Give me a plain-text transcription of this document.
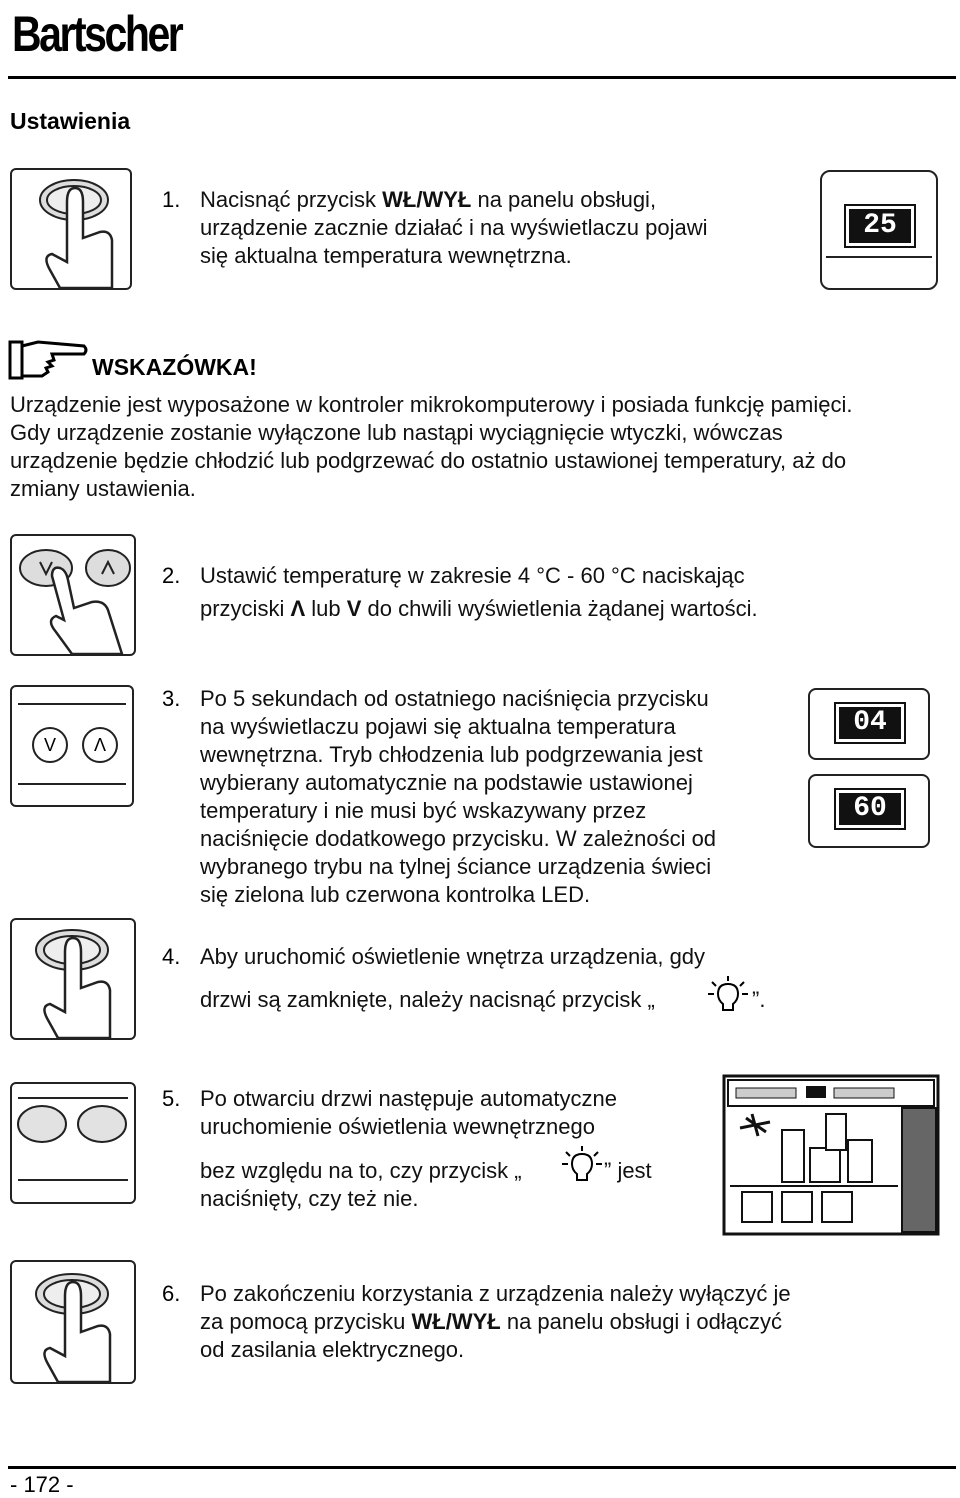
Bartscher
Ustawienia
1. Nacisnąć przycisk WŁ/WYŁ na panelu obsługi,
urządzenie zacznie działać i na wyświetlaczu pojawi
się aktualna temperatura wewnętrzna.
25
WSKAZÓWKA!
Urządzenie jest wyposażone w kontroler mikrokomputerowy i posiada funkcję pamięci.
Gdy urządzenie zostanie wyłączone lub nastąpi wyciągnięcie wtyczki, wówczas
urządzenie będzie chłodzić lub podgrzewać do ostatnio ustawionej temperatury, aż do
zmiany ustawienia.
2. Ustawić temperaturę w zakresie 4 °C - 60 °C naciskając
przyciski Λ lub V do chwili wyświetlenia żądanej wartości.
V	Λ
3. Po 5 sekundach od ostatniego naciśnięcia przycisku
na wyświetlaczu pojawi się aktualna temperatura
wewnętrzna. Tryb chłodzenia lub podgrzewania jest
wybierany automatycznie na podstawie ustawionej
temperatury i nie musi być wskazywany przez
naciśnięcie dodatkowego przycisku. W zależności od
wybranego trybu na tylnej ściance urządzenia świeci
się zielona lub czerwona kontrolka LED.
04
60
4. Aby uruchomić oświetlenie wnętrza urządzenia, gdy
drzwi są zamknięte, należy nacisnąć przycisk „	”.
5. Po otwarciu drzwi następuje automatyczne
uruchomienie oświetlenia wewnętrznego
bez względu na to, czy przycisk „	” jest
naciśnięty, czy też nie.
6. Po zakończeniu korzystania z urządzenia należy wyłączyć je
za pomocą przycisku WŁ/WYŁ na panelu obsługi i odłączyć
od zasilania elektrycznego.
- 172 -
